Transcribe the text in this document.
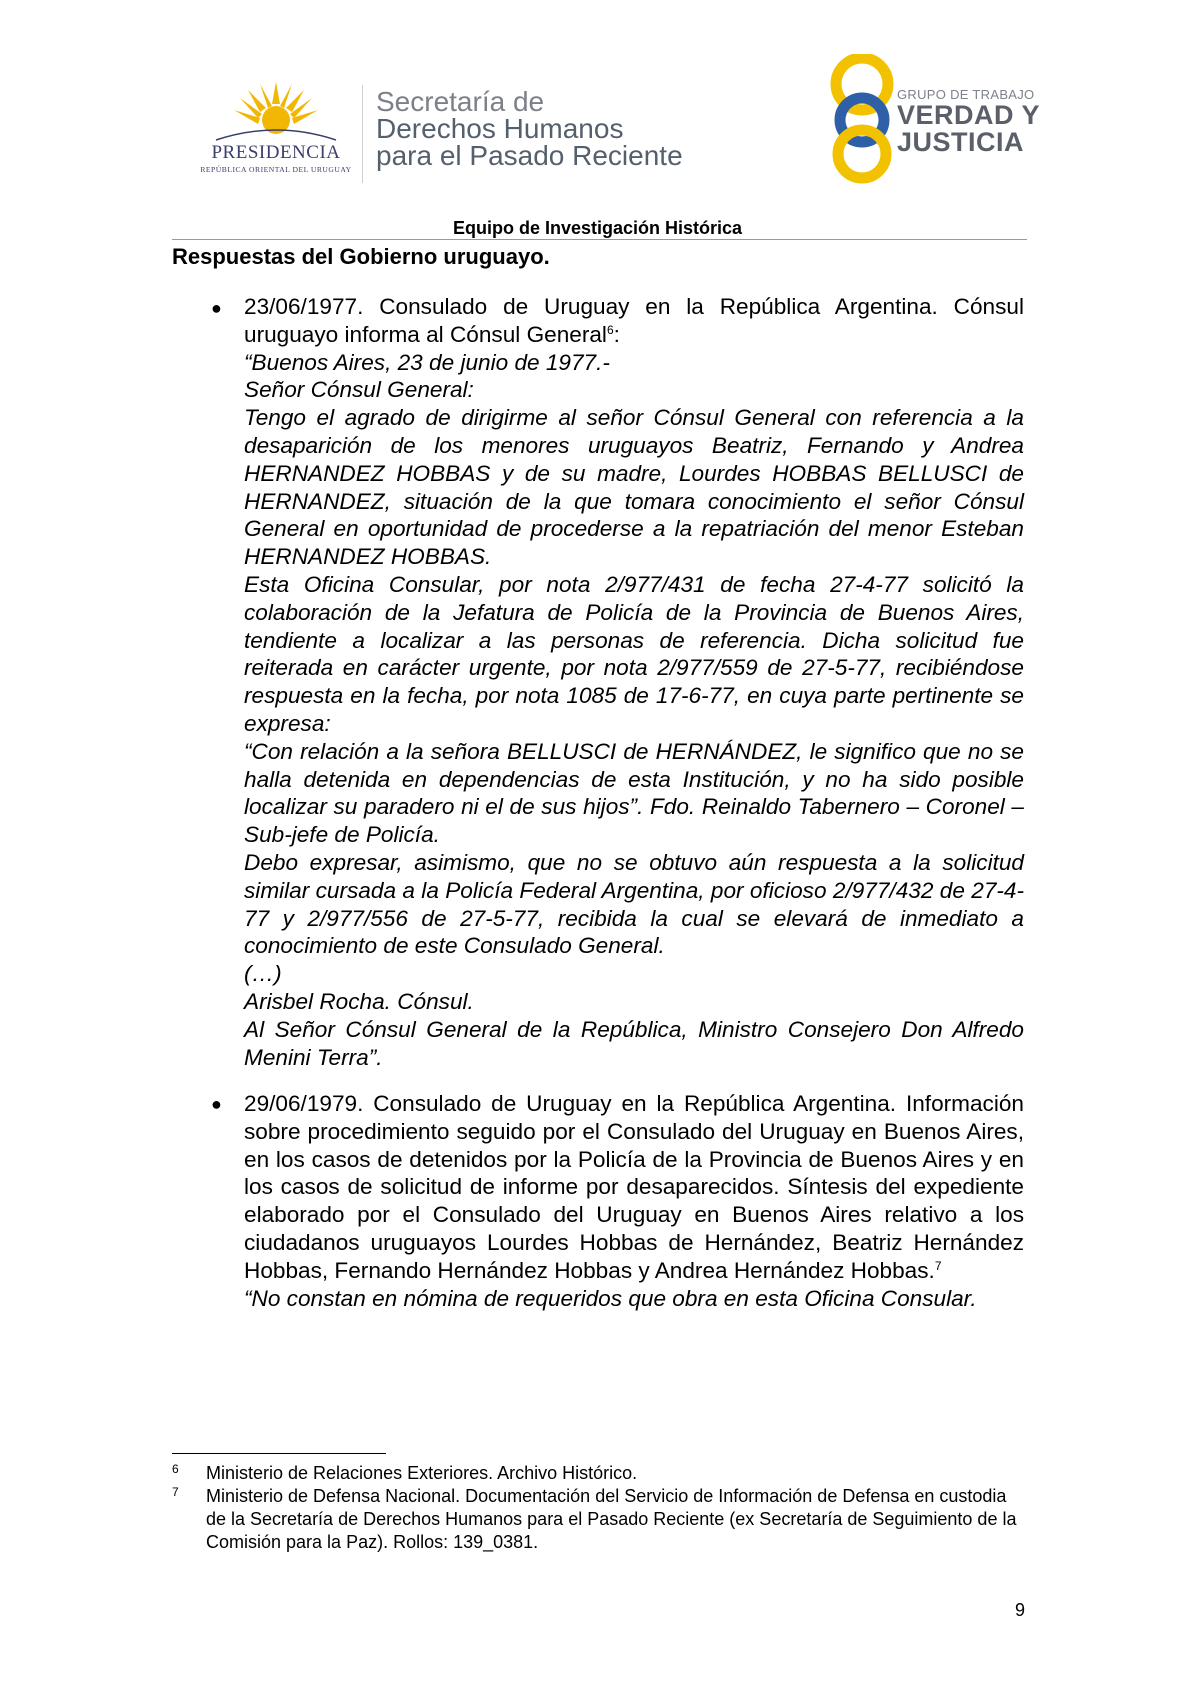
PRESIDENCIA
REPÚBLICA ORIENTAL DEL URUGUAY
Secretaría de
Derechos Humanos
para el Pasado Reciente
GRUPO DE TRABAJO
VERDAD Y
JUSTICIA
Equipo de Investigación Histórica
Respuestas del Gobierno uruguayo.
● 23/06/1977. Consulado de Uruguay en la República Argentina. Cónsul uruguayo informa al Cónsul General$^6$:

“Buenos Aires, 23 de junio de 1977.-

Señor Cónsul General:

Tengo el agrado de dirigirme al señor Cónsul General con referencia a la desaparición de los menores uruguayos Beatriz, Fernando y Andrea HERNANDEZ HOBBAS y de su madre, Lourdes HOBBAS BELLUSCI de HERNANDEZ, situación de la que tomara conocimiento el señor Cónsul General en oportunidad de procederse a la repatriación del menor Esteban HERNANDEZ HOBBAS.

Esta Oficina Consular, por nota 2/977/431 de fecha 27-4-77 solicitó la colaboración de la Jefatura de Policía de la Provincia de Buenos Aires, tendiente a localizar a las personas de referencia. Dicha solicitud fue reiterada en carácter urgente, por nota 2/977/559 de 27-5-77, recibiéndose respuesta en la fecha, por nota 1085 de 17-6-77, en cuya parte pertinente se expresa:

“Con relación a la señora BELLUSCI de HERNÁNDEZ, le significo que no se halla detenida en dependencias de esta Institución, y no ha sido posible localizar su paradero ni el de sus hijos”. Fdo. Reinaldo Tabernero – Coronel – Sub-jefe de Policía.

Debo expresar, asimismo, que no se obtuvo aún respuesta a la solicitud similar cursada a la Policía Federal Argentina, por oficioso 2/977/432 de 27-4-77 y 2/977/556 de 27-5-77, recibida la cual se elevará de inmediato a conocimiento de este Consulado General.

(…)

Arisbel Rocha. Cónsul.

Al Señor Cónsul General de la República, Ministro Consejero Don Alfredo Menini Terra”.

● 29/06/1979. Consulado de Uruguay en la República Argentina. Información sobre procedimiento seguido por el Consulado del Uruguay en Buenos Aires, en los casos de detenidos por la Policía de la Provincia de Buenos Aires y en los casos de solicitud de informe por desaparecidos. Síntesis del expediente elaborado por el Consulado del Uruguay en Buenos Aires relativo a los ciudadanos uruguayos Lourdes Hobbas de Hernández, Beatriz Hernández Hobbas, Fernando Hernández Hobbas y Andrea Hernández Hobbas.$^7$

“No constan en nómina de requeridos que obra en esta Oficina Consular.

6 Ministerio de Relaciones Exteriores. Archivo Histórico.
7 Ministerio de Defensa Nacional. Documentación del Servicio de Información de Defensa en custodia de la Secretaría de Derechos Humanos para el Pasado Reciente (ex Secretaría de Seguimiento de la Comisión para la Paz). Rollos: 139_0381.
9
